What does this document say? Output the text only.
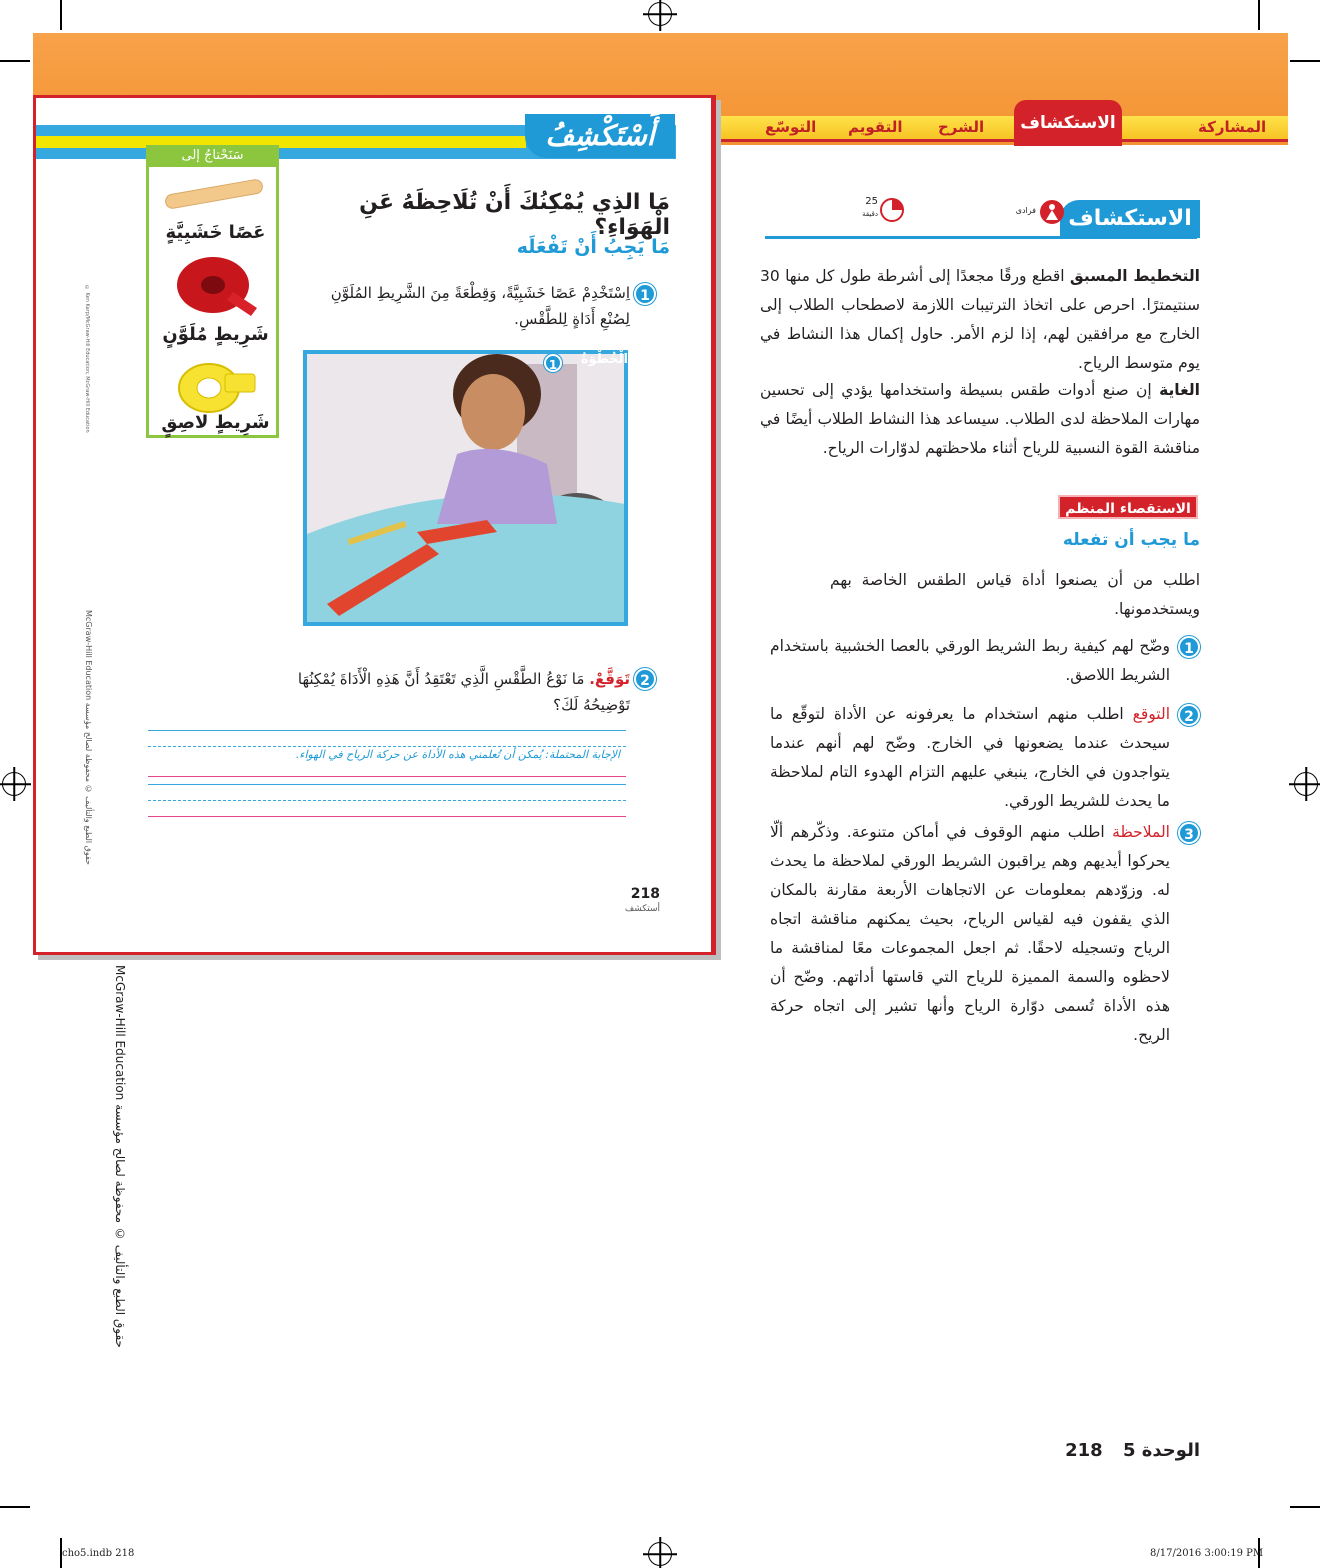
المشاركة
الشرح
التقويم
التوسّع	الاستكشاف
أَسْتَكْشِفُ
عَصًا خَشَبِيَّةٍ
شَرِيطٍ مُلَوَّنٍ
شَرِيطٍ لاصِقٍ
سَنَحْتاجُ إلى
مَا الذِي يُمْكِنُكَ أَنْ تُلَاحِظَهُ عَنِ الْهَوَاءِ؟
مَا يَجِبُ أَنْ تَفْعَلَه
1
اِسْتَخْدِمْ عَصًا خَشَبِيَّةً، وَقِطْعَةً مِنَ الشَّرِيطِ المُلَوَّنِ لِصُنْعِ أَدَاةٍ لِلطَّقْسِ.
الْخُطْوَةُ
1
2
تَوَقَّعْ. مَا نَوْعُ الطَّقْسِ الَّذِي تَعْتَقِدُ أَنَّ هَذِهِ الْأَدَاةَ يُمْكِنُهَا تَوْضِيحُهُ لَكَ؟
الإجابة المحتملة: يُمكن أن تُعلمني هذه الأداة عن حركة الرياح في الهواء.
218
أستكشف
© Ken Karp/McGraw-Hill Education; McGraw-Hill Education
حقوق الطبع والتأليف © محفوظة لصالح مؤسسة McGraw-Hill Education
حقوق الطبع والتأليف © محفوظة لصالح مؤسسة McGraw-Hill Education
الاستكشاف
فرادى
25
دقيقة
التخطيط المسبق اقطع ورقًا مجعدًا إلى أشرطة طول كل منها 30 سنتيمترًا. احرص على اتخاذ الترتيبات اللازمة لاصطحاب الطلاب إلى الخارج مع مرافقين لهم، إذا لزم الأمر. حاول إكمال هذا النشاط في يوم متوسط الرياح.
الغاية إن صنع أدوات طقس بسيطة واستخدامها يؤدي إلى تحسين مهارات الملاحظة لدى الطلاب. سيساعد هذا النشاط الطلاب أيضًا في مناقشة القوة النسبية للرياح أثناء ملاحظتهم لدوّارات الرياح.
الاستقصاء المنظم
ما يجب أن تفعله
اطلب من أن يصنعوا أداة قياس الطقس الخاصة بهم ويستخدمونها.
1
وضّح لهم كيفية ربط الشريط الورقي بالعصا الخشبية باستخدام الشريط اللاصق.
2
التوقع اطلب منهم استخدام ما يعرفونه عن الأداة لتوقّع ما سيحدث عندما يضعونها في الخارج. وضّح لهم أنهم عندما يتواجدون في الخارج، ينبغي عليهم التزام الهدوء التام لملاحظة ما يحدث للشريط الورقي.
3
الملاحظة اطلب منهم الوقوف في أماكن متنوعة. وذكّرهم ألّا يحركوا أيديهم وهم يراقبون الشريط الورقي لملاحظة ما يحدث له. وزوّدهم بمعلومات عن الاتجاهات الأربعة مقارنة بالمكان الذي يقفون فيه لقياس الرياح، بحيث يمكنهم مناقشة اتجاه الرياح وتسجيله لاحقًا. ثم اجعل المجموعات معًا لمناقشة ما لاحظوه والسمة المميزة للرياح التي قاستها أداتهم. وضّح أن هذه الأداة تُسمى دوّارة الرياح وأنها تشير إلى اتجاه حركة الريح.
الوحدة 5 218
cho5.indb 218	8/17/2016 3:00:19 PM
